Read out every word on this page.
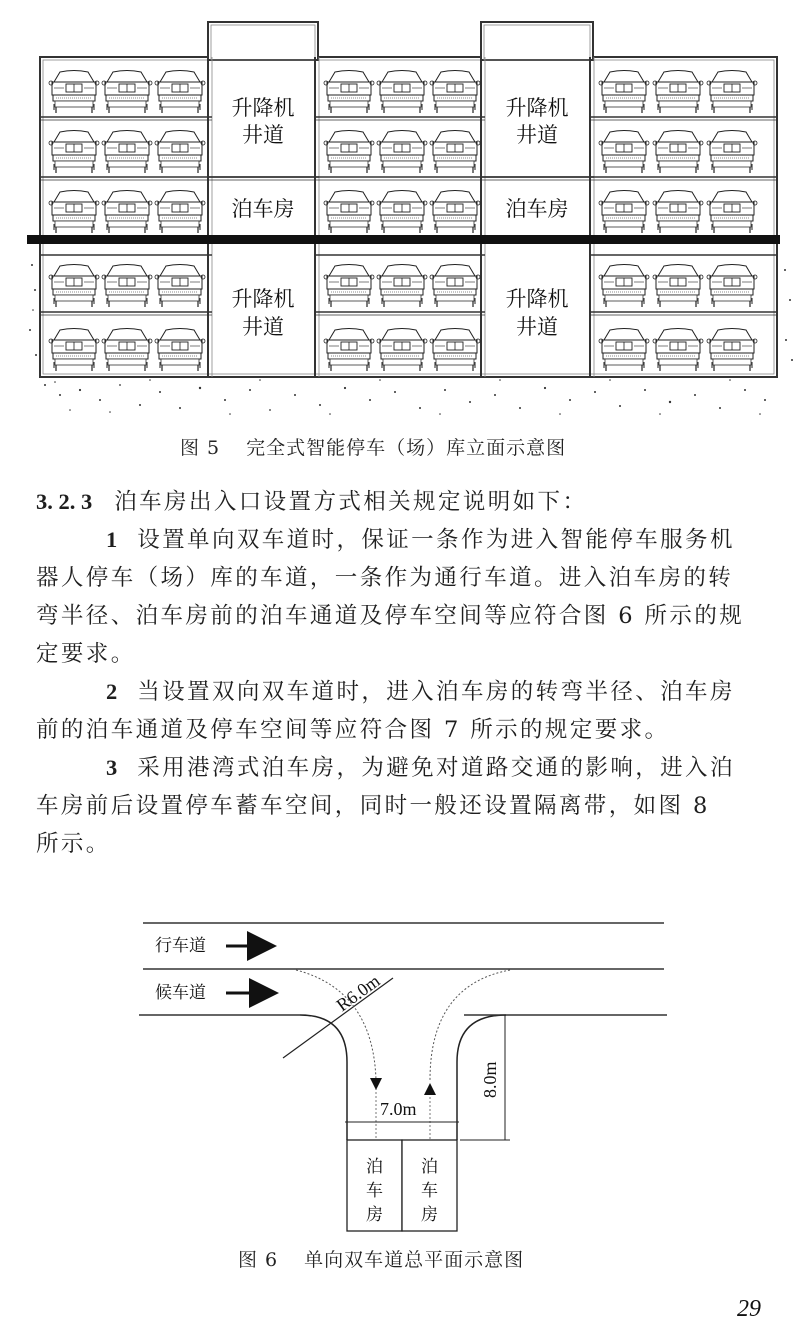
升降机
井道
泊车房
升降机
井道
升降机
井道
泊车房
升降机
井道
图 5 完全式智能停车（场）库立面示意图
3. 2. 3 泊车房出入口设置方式相关规定说明如下：
1 设置单向双车道时，保证一条作为进入智能停车服务机
器人停车（场）库的车道，一条作为通行车道。进入泊车房的转
弯半径、泊车房前的泊车通道及停车空间等应符合图 6 所示的规
定要求。
2 当设置双向双车道时，进入泊车房的转弯半径、泊车房
前的泊车通道及停车空间等应符合图 7 所示的规定要求。
3 采用港湾式泊车房，为避免对道路交通的影响，进入泊
车房前后设置停车蓄车空间，同时一般还设置隔离带，如图 8
所示。
R6.0m
7.0m
8.0m
行车道
候车道
泊
车
房
泊
车
房
图 6 单向双车道总平面示意图
29
